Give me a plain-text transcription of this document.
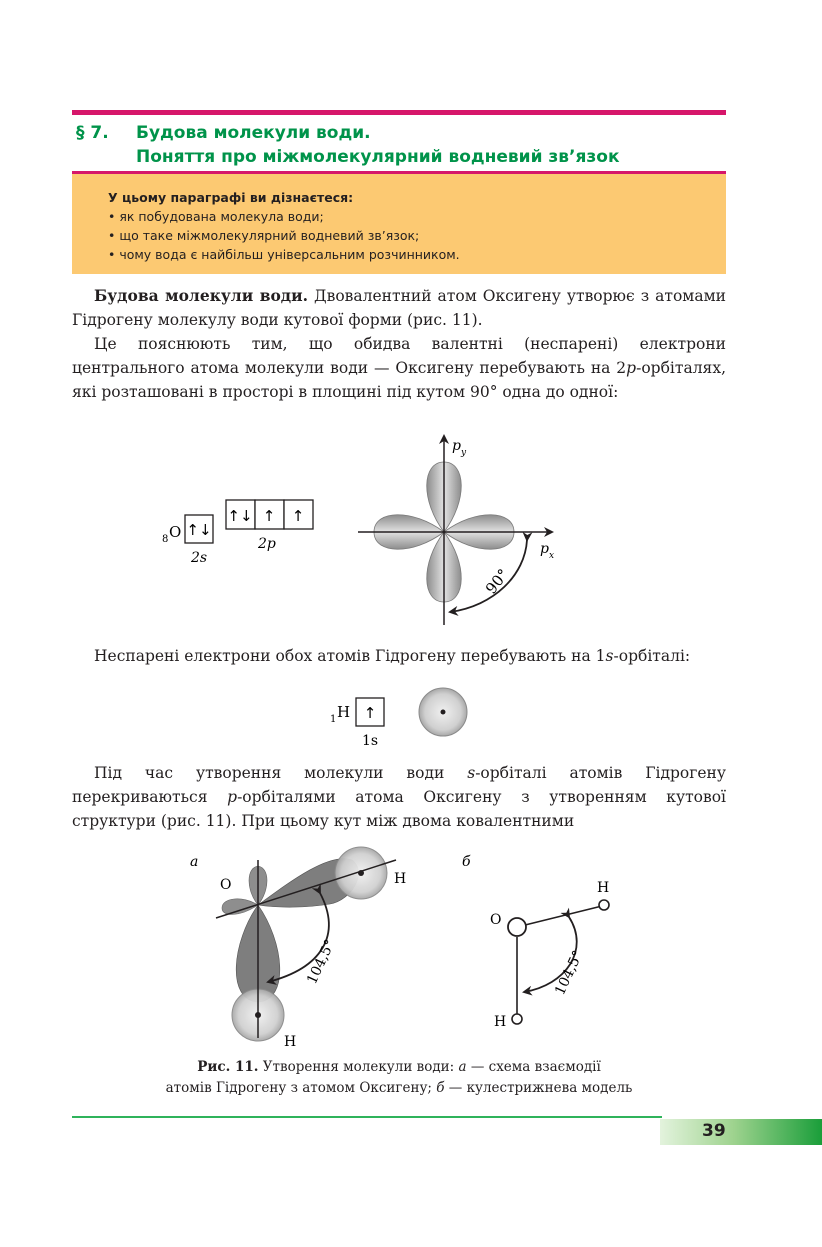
§ 7. Будова молекули води.
Поняття про міжмолекулярний водневий зв’язок
У цьому параграфі ви дізнаєтеся:
• як побудована молекула води;
• що таке міжмолекулярний водневий зв’язок;
• чому вода є найбільш універсальним розчинником.

Будова молекули води. Двовалентний атом Оксигену утворює з атомами Гідрогену молекулу води кутової форми (рис. 11).

Це пояснюють тим, що обидва валентні (неспарені) електрони центрального атома молекули води — Оксигену перебувають на 2p-орбіталях, які розташовані в просторі в площині під кутом 90° одна до одної:

8 O ↑↓
2s
↑↓ ↑ ↑
2p
p y
p x
90°
1 H ↑
1s
а
O	H
H
104,5°
б
O
H
H
104,5°

Неспарені електрони обох атомів Гідрогену перебувають на 1s-орбіталі:

Під час утворення молекули води s-орбіталі атомів Гідрогену перекриваються p-орбіталями атома Оксигену з утворенням кутової структури (рис. 11). При цьому кут між двома ковалентними

Рис. 11. Утворення молекули води: а — схема взаємодії
атомів Гідрогену з атомом Оксигену; б — кулестрижнева модель
39
